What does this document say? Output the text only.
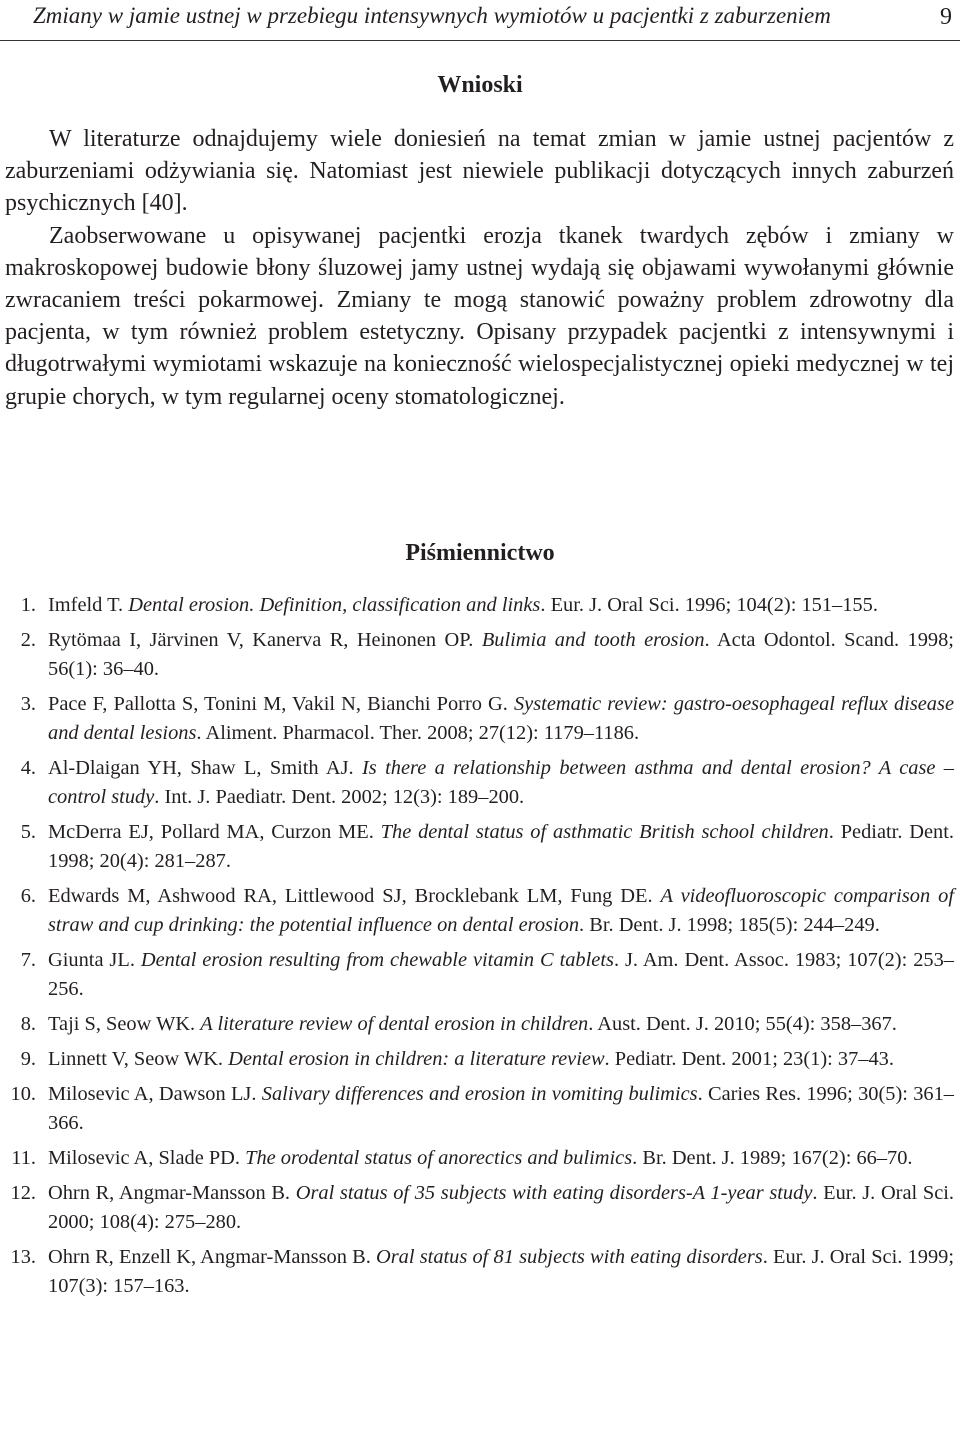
Zmiany w jamie ustnej w przebiegu intensywnych wymiotów u pacjentki z zaburzeniem	9
Wnioski

W literaturze odnajdujemy wiele doniesień na temat zmian w jamie ustnej pacjentów z zaburzeniami odżywiania się. Natomiast jest niewiele publikacji dotyczących innych zaburzeń psychicznych [40].

Zaobserwowane u opisywanej pacjentki erozja tkanek twardych zębów i zmiany w makroskopowej budowie błony śluzowej jamy ustnej wydają się objawami wywołanymi głównie zwracaniem treści pokarmowej. Zmiany te mogą stanowić poważny problem zdrowotny dla pacjenta, w tym również problem estetyczny. Opisany przypadek pacjentki z intensywnymi i długotrwałymi wymiotami wskazuje na konieczność wielospecjalistycznej opieki medycznej w tej grupie chorych, w tym regularnej oceny stomatologicznej.

Piśmiennictwo
1. Imfeld T. Dental erosion. Definition, classification and links. Eur. J. Oral Sci. 1996; 104(2): 151–155.
2. Rytömaa I, Järvinen V, Kanerva R, Heinonen OP. Bulimia and tooth erosion. Acta Odontol. Scand. 1998; 56(1): 36–40.
3. Pace F, Pallotta S, Tonini M, Vakil N, Bianchi Porro G. Systematic review: gastro-oesophageal reflux disease and dental lesions. Aliment. Pharmacol. Ther. 2008; 27(12): 1179–1186.
4. Al-Dlaigan YH, Shaw L, Smith AJ. Is there a relationship between asthma and dental erosion? A case – control study. Int. J. Paediatr. Dent. 2002; 12(3): 189–200.
5. McDerra EJ, Pollard MA, Curzon ME. The dental status of asthmatic British school children. Pediatr. Dent. 1998; 20(4): 281–287.
6. Edwards M, Ashwood RA, Littlewood SJ, Brocklebank LM, Fung DE. A videofluoroscopic comparison of straw and cup drinking: the potential influence on dental erosion. Br. Dent. J. 1998; 185(5): 244–249.
7. Giunta JL. Dental erosion resulting from chewable vitamin C tablets. J. Am. Dent. Assoc. 1983; 107(2): 253–256.
8. Taji S, Seow WK. A literature review of dental erosion in children. Aust. Dent. J. 2010; 55(4): 358–367.
9. Linnett V, Seow WK. Dental erosion in children: a literature review. Pediatr. Dent. 2001; 23(1): 37–43.
10. Milosevic A, Dawson LJ. Salivary differences and erosion in vomiting bulimics. Caries Res. 1996; 30(5): 361–366.
11. Milosevic A, Slade PD. The orodental status of anorectics and bulimics. Br. Dent. J. 1989; 167(2): 66–70.
12. Ohrn R, Angmar-Mansson B. Oral status of 35 subjects with eating disorders-A 1-year study. Eur. J. Oral Sci. 2000; 108(4): 275–280.
13. Ohrn R, Enzell K, Angmar-Mansson B. Oral status of 81 subjects with eating disorders. Eur. J. Oral Sci. 1999; 107(3): 157–163.
